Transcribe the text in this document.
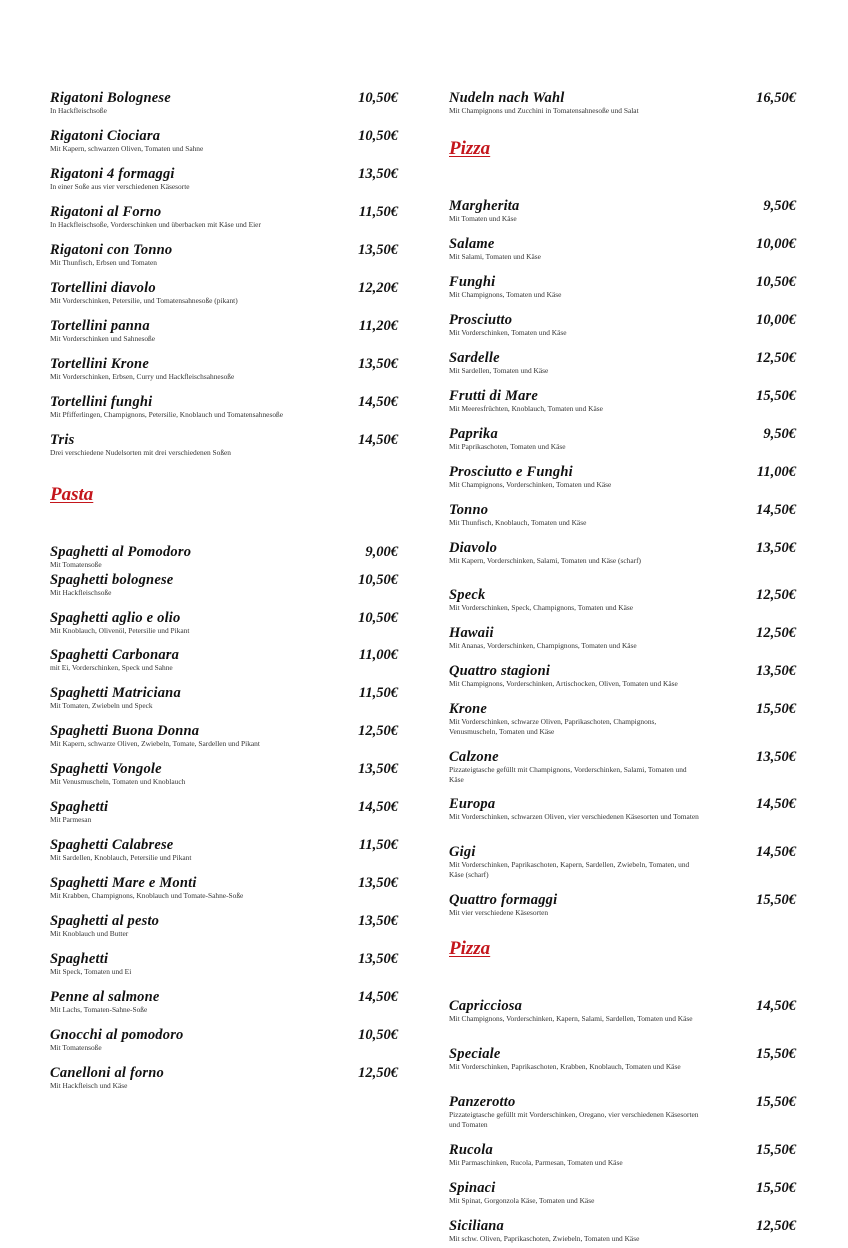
Rigatoni Bolognese	10,50€
In Hackfleischsoße
Rigatoni Ciociara	10,50€
Mit Kapern, schwarzen Oliven, Tomaten und Sahne
Rigatoni 4 formaggi	13,50€
In einer Soße aus vier verschiedenen Käsesorte
Rigatoni al Forno	11,50€
In Hackfleischsoße, Vorderschinken und überbacken mit Käse und Eier
Rigatoni con Tonno	13,50€
Mit Thunfisch, Erbsen und Tomaten
Tortellini diavolo	12,20€
Mit Vorderschinken, Petersilie, und Tomatensahnesoße (pikant)
Tortellini panna	11,20€
Mit Vorderschinken und Sahnesoße
Tortellini Krone	13,50€
Mit Vorderschinken, Erbsen, Curry und Hackfleischsahnesoße
Tortellini funghi	14,50€
Mit Pfifferlingen, Champignons, Petersilie, Knoblauch und Tomatensahnesoße
Tris	14,50€
Drei verschiedene Nudelsorten mit drei verschiedenen Soßen
Pasta
Spaghetti al Pomodoro	9,00€
Mit Tomatensoße
Spaghetti bolognese	10,50€
Mit Hackfleischsoße
Spaghetti aglio e olio	10,50€
Mit Knoblauch, Olivenöl, Petersilie und Pikant
Spaghetti Carbonara	11,00€
mit Ei, Vorderschinken, Speck und Sahne
Spaghetti Matriciana	11,50€
Mit Tomaten, Zwiebeln und Speck
Spaghetti Buona Donna	12,50€
Mit Kapern, schwarze Oliven, Zwiebeln, Tomate, Sardellen und Pikant
Spaghetti Vongole	13,50€
Mit Venusmuscheln, Tomaten und Knoblauch
Spaghetti	14,50€
Mit Parmesan
Spaghetti Calabrese	11,50€
Mit Sardellen, Knoblauch, Petersilie und Pikant
Spaghetti Mare e Monti	13,50€
Mit Krabben, Champignons, Knoblauch und Tomate-Sahne-Soße
Spaghetti al pesto	13,50€
Mit Knoblauch und Butter
Spaghetti	13,50€
Mit Speck, Tomaten und Ei
Penne al salmone	14,50€
Mit Lachs, Tomaten-Sahne-Soße
Gnocchi al pomodoro	10,50€
Mit Tomatensoße
Canelloni al forno	12,50€
Mit Hackfleisch und Käse
Nudeln nach Wahl	16,50€
Mit Champignons und Zucchini in Tomatensahnesoße und Salat
Pizza
Margherita	9,50€
Mit Tomaten und Käse
Salame	10,00€
Mit Salami, Tomaten und Käse
Funghi	10,50€
Mit Champignons, Tomaten und Käse
Prosciutto	10,00€
Mit Vorderschinken, Tomaten und Käse
Sardelle	12,50€
Mit Sardellen, Tomaten und Käse
Frutti di Mare	15,50€
Mit Meeresfrüchten, Knoblauch, Tomaten und Käse
Paprika	9,50€
Mit Paprikaschoten, Tomaten und Käse
Prosciutto e Funghi	11,00€
Mit Champignons, Vorderschinken, Tomaten und Käse
Tonno	14,50€
Mit Thunfisch, Knoblauch, Tomaten und Käse
Diavolo	13,50€
Mit Kapern, Vorderschinken, Salami, Tomaten und Käse (scharf)
Speck	12,50€
Mit Vorderschinken, Speck, Champignons, Tomaten und Käse
Hawaii	12,50€
Mit Ananas, Vorderschinken, Champignons, Tomaten und Käse
Quattro stagioni	13,50€
Mit Champignons, Vorderschinken, Artischocken, Oliven, Tomaten und Käse
Krone	15,50€
Mit Vorderschinken, schwarze Oliven, Paprikaschoten, Champignons, Venusmuscheln, Tomaten und Käse
Calzone	13,50€
Pizzateigtasche gefüllt mit Champignons, Vorderschinken, Salami, Tomaten und Käse
Europa	14,50€
Mit Vorderschinken, schwarzen Oliven, vier verschiedenen Käsesorten und Tomaten
Gigi	14,50€
Mit Vorderschinken, Paprikaschoten, Kapern, Sardellen, Zwiebeln, Tomaten, und Käse (scharf)
Quattro formaggi	15,50€
Mit vier verschiedene Käsesorten
Pizza
Capricciosa	14,50€
Mit Champignons, Vorderschinken, Kapern, Salami, Sardellen, Tomaten und Käse
Speciale	15,50€
Mit Vorderschinken, Paprikaschoten, Krabben, Knoblauch, Tomaten und Käse
Panzerotto	15,50€
Pizzateigtasche gefüllt mit Vorderschinken, Oregano, vier verschiedenen Käsesorten und Tomaten
Rucola	15,50€
Mit Parmaschinken, Rucola, Parmesan, Tomaten und Käse
Spinaci	15,50€
Mit Spinat, Gorgonzola Käse, Tomaten und Käse
Siciliana	12,50€
Mit schw. Oliven, Paprikaschoten, Zwiebeln, Tomaten und Käse
